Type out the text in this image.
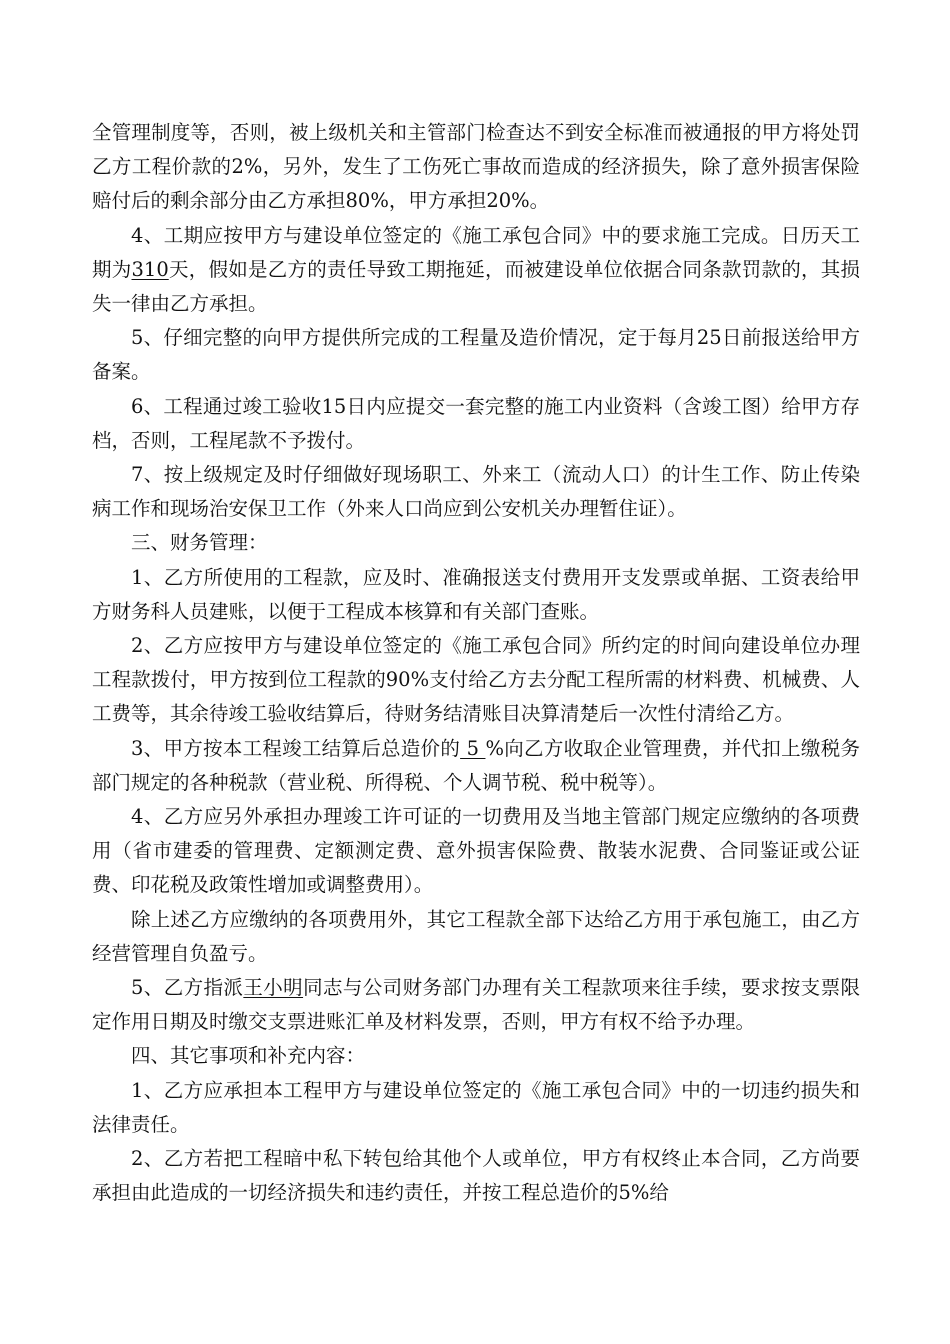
全管理制度等，否则，被上级机关和主管部门检查达不到安全标准而被通报的甲方将处罚乙方工程价款的2%，另外，发生了工伤死亡事故而造成的经济损失，除了意外损害保险赔付后的剩余部分由乙方承担80%，甲方承担20%。

4、工期应按甲方与建设单位签定的《施工承包合同》中的要求施工完成。日历天工期为310天，假如是乙方的责任导致工期拖延，而被建设单位依据合同条款罚款的，其损失一律由乙方承担。

5、仔细完整的向甲方提供所完成的工程量及造价情况，定于每月25日前报送给甲方备案。

6、工程通过竣工验收15日内应提交一套完整的施工内业资料（含竣工图）给甲方存档，否则，工程尾款不予拨付。

7、按上级规定及时仔细做好现场职工、外来工（流动人口）的计生工作、防止传染病工作和现场治安保卫工作（外来人口尚应到公安机关办理暂住证）。

三、财务管理：

1、乙方所使用的工程款，应及时、准确报送支付费用开支发票或单据、工资表给甲方财务科人员建账，以便于工程成本核算和有关部门查账。

2、乙方应按甲方与建设单位签定的《施工承包合同》所约定的时间向建设单位办理工程款拨付，甲方按到位工程款的90%支付给乙方去分配工程所需的材料费、机械费、人工费等，其余待竣工验收结算后，待财务结清账目决算清楚后一次性付清给乙方。

3、甲方按本工程竣工结算后总造价的 5 %向乙方收取企业管理费，并代扣上缴税务部门规定的各种税款（营业税、所得税、个人调节税、税中税等）。

4、乙方应另外承担办理竣工许可证的一切费用及当地主管部门规定应缴纳的各项费用（省市建委的管理费、定额测定费、意外损害保险费、散装水泥费、合同鉴证或公证费、印花税及政策性增加或调整费用）。

除上述乙方应缴纳的各项费用外，其它工程款全部下达给乙方用于承包施工，由乙方经营管理自负盈亏。

5、乙方指派王小明同志与公司财务部门办理有关工程款项来往手续，要求按支票限定作用日期及时缴交支票进账汇单及材料发票，否则，甲方有权不给予办理。

四、其它事项和补充内容：

1、乙方应承担本工程甲方与建设单位签定的《施工承包合同》中的一切违约损失和法律责任。

2、乙方若把工程暗中私下转包给其他个人或单位，甲方有权终止本合同，乙方尚要承担由此造成的一切经济损失和违约责任，并按工程总造价的5%给
